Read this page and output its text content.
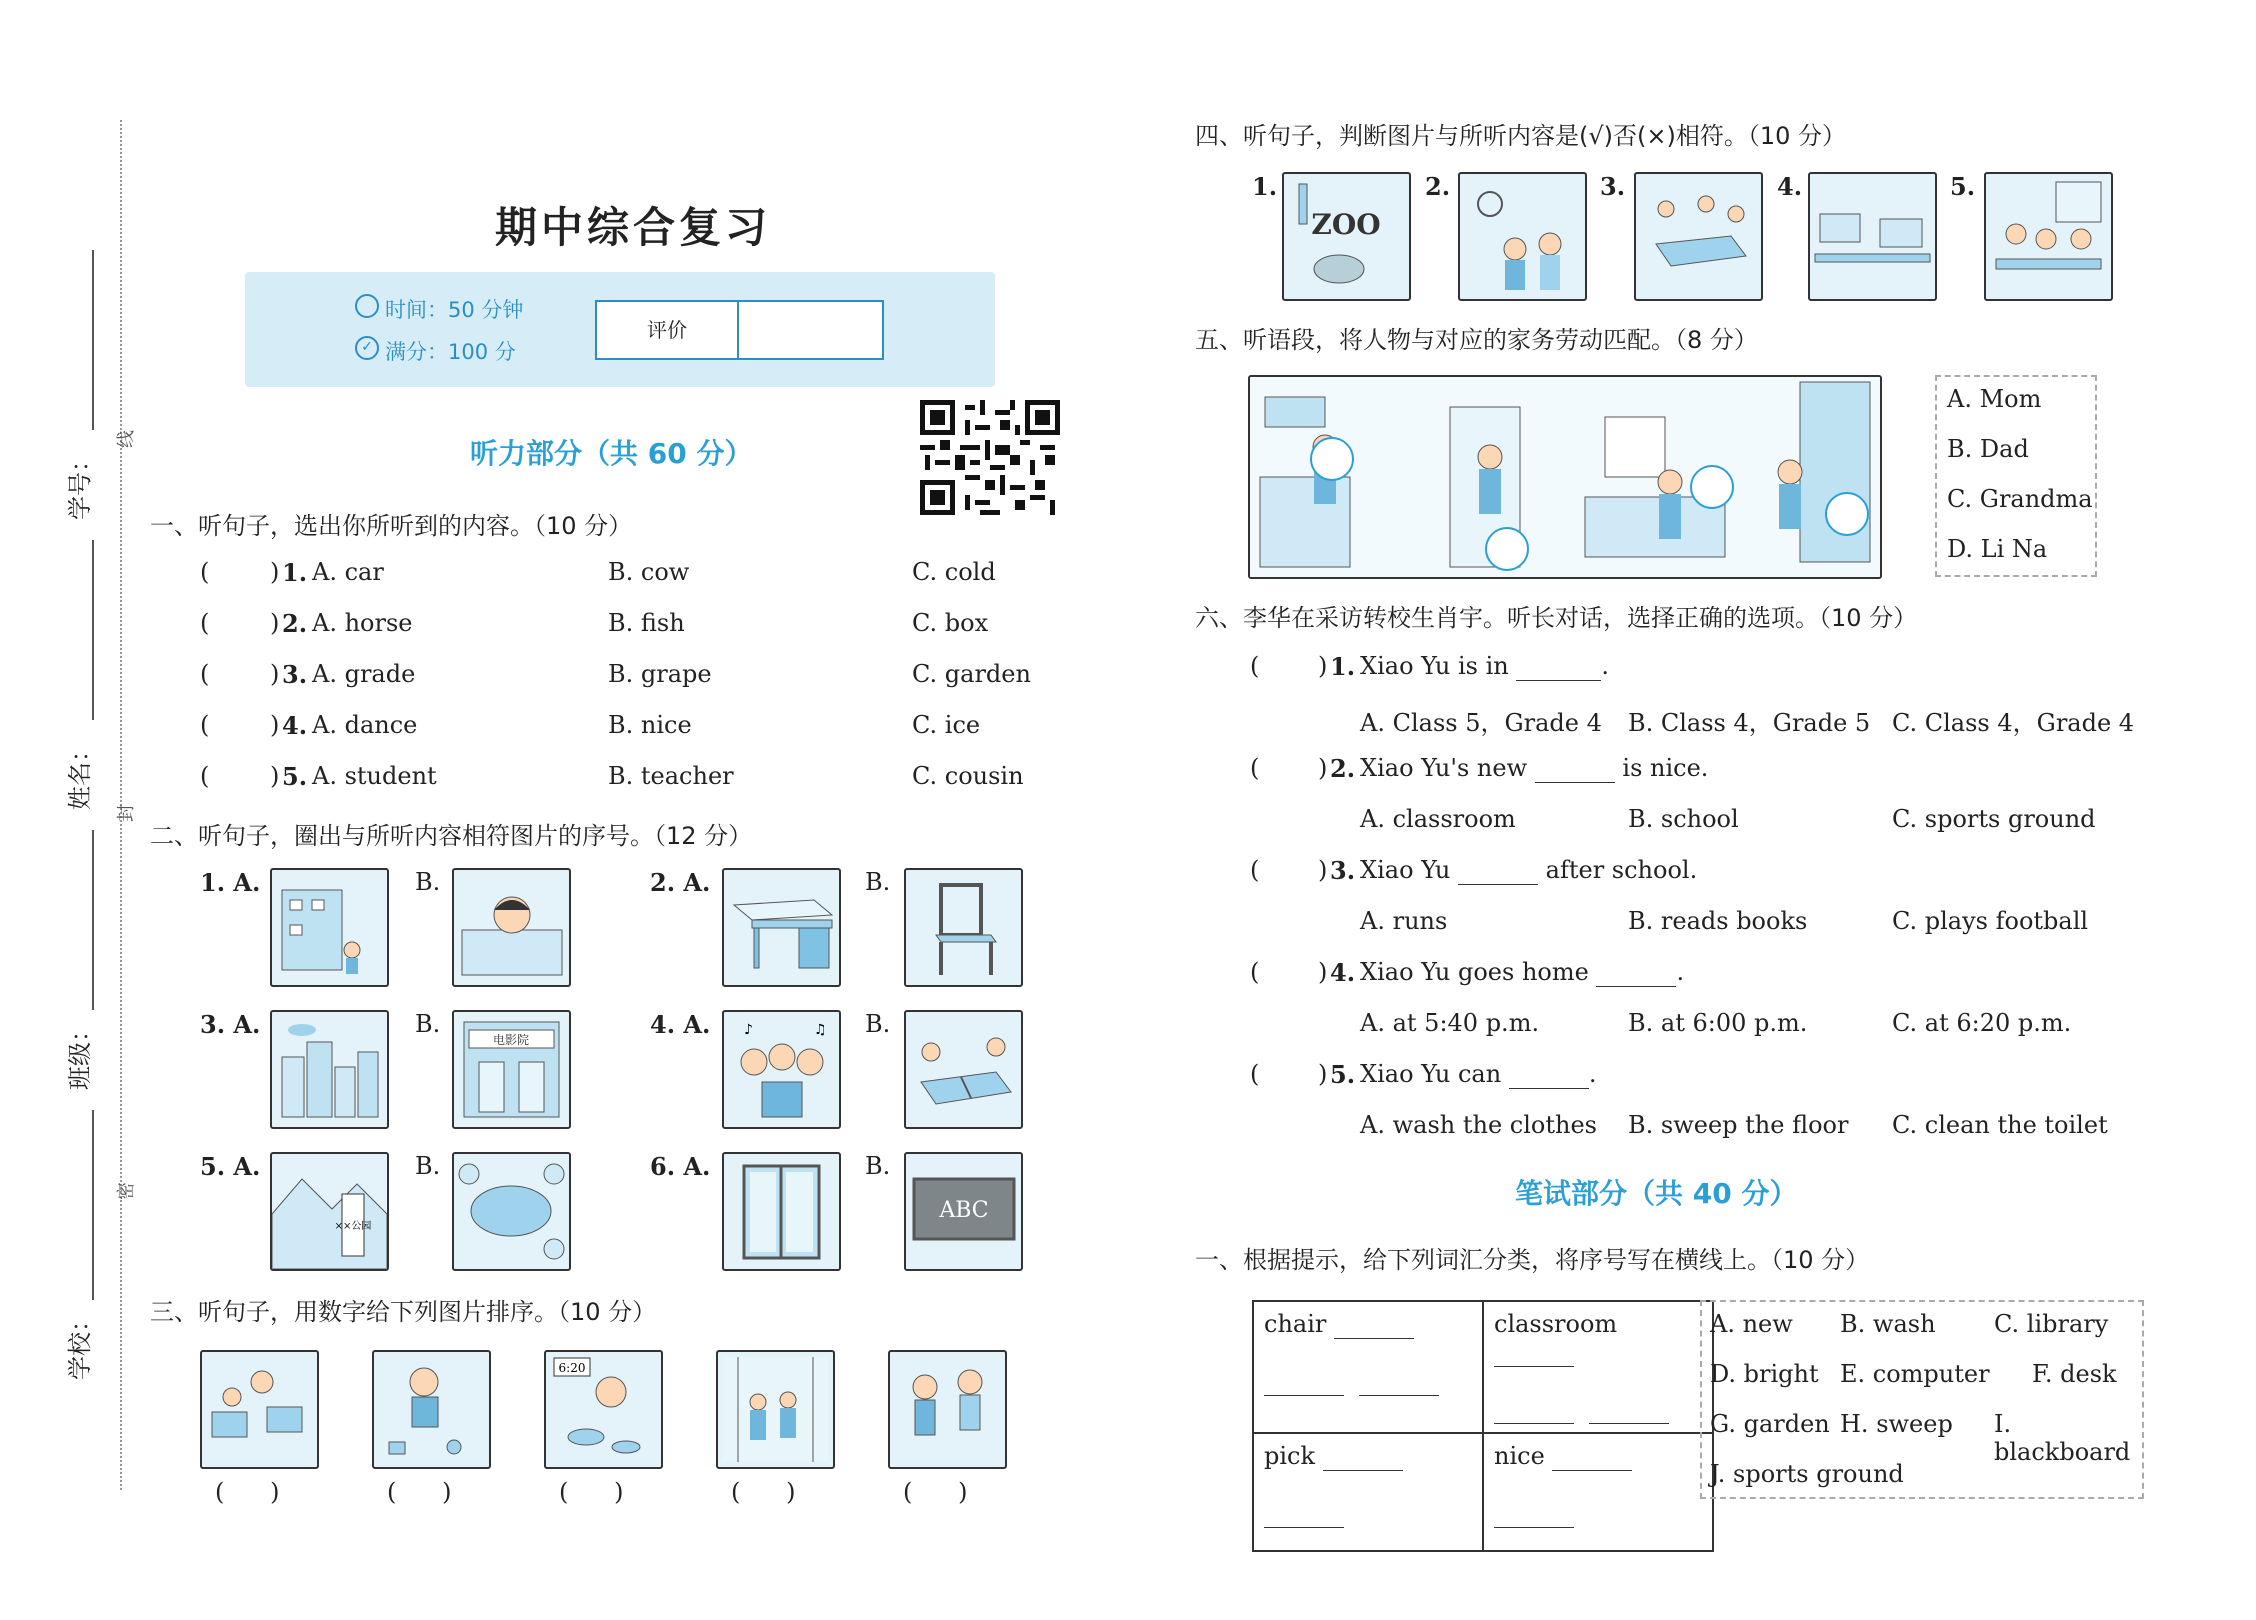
学号：
姓名：
班级：
学校：
线
封
密
期中综合复习
时间：50 分钟
✓ 满分：100 分
评价
听力部分（共 60 分）
一、听句子，选出你所听到的内容。（10 分）
(	) 1. A. car	B. cow	C. cold
(	) 2. A. horse	B. fish	C. box
(	) 3. A. grade	B. grape	C. garden
(	) 4. A. dance	B. nice	C. ice
(	) 5. A. student	B. teacher	C. cousin
二、听句子，圈出与所听内容相符图片的序号。（12 分）
1. A.	B.	2. A.	B.
3. A.	B.	4. A.	B.
5. A.	B.	6. A.	B.
电影院
♪	♫
××公园
ABC
三、听句子，用数字给下列图片排序。（10 分）
6:20
(      )	(      )	(      )	(      )	(      )
四、听句子，判断图片与所听内容是(√)否(×)相符。（10 分）
1.
ZOO
2.	3.	4.	5.
五、听语段，将人物与对应的家务劳动匹配。（8 分）
A. Mom
B. Dad
C. Grandma
D. Li Na
六、李华在采访转校生肖宇。听长对话，选择正确的选项。（10 分）
( ) 1. Xiao Yu is in	.
A. Class 5，Grade 4 B. Class 4，Grade 5 C. Class 4，Grade 4
( ) 2. Xiao Yu's new	is nice.
A. classroom	B. school	C. sports ground
( ) 3. Xiao Yu	after school.
A. runs	B. reads books	C. plays football
( ) 4. Xiao Yu goes home	.
A. at 5:40 p.m.	B. at 6:00 p.m.	C. at 6:20 p.m.
( ) 5. Xiao Yu can	.
A. wash the clothes B. sweep the floor C. clean the toilet
笔试部分（共 40 分）
一、根据提示，给下列词汇分类，将序号写在横线上。（10 分）
chair	classroom

pick	nice

A. new B. wash C. library
D. bright E. computer F. desk
G. garden H. sweep I. blackboard
J. sports ground
